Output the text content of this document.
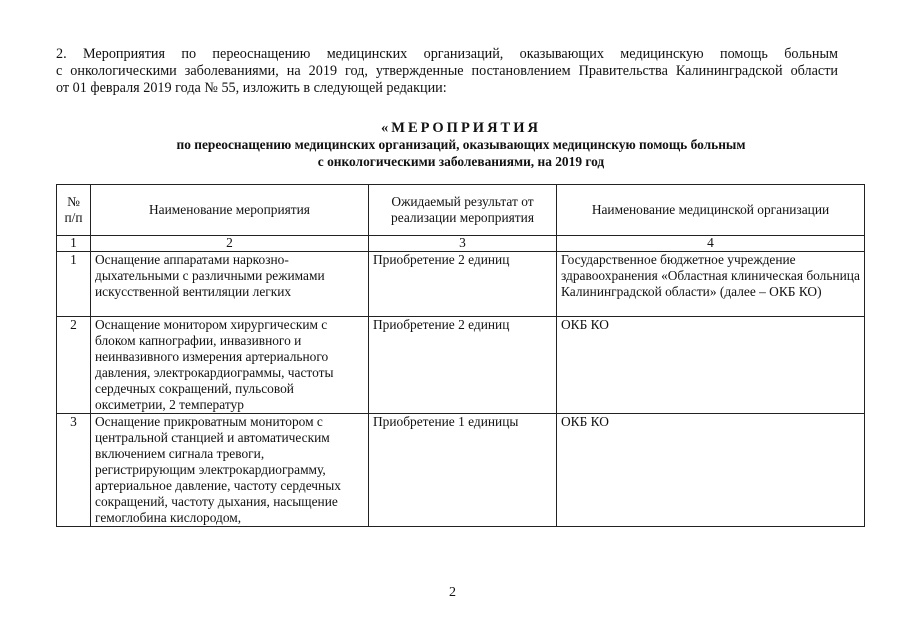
2. Мероприятия по переоснащению медицинских организаций, оказывающих медицинскую помощь больным
с онкологическими заболеваниями, на 2019 год, утвержденные постановлением Правительства Калининградской области
от 01 февраля 2019 года № 55, изложить в следующей редакции:
«МЕРОПРИЯТИЯ
по переоснащению медицинских организаций, оказывающих медицинскую помощь больным
с онкологическими заболеваниями, на 2019 год
№ п/п	Наименование мероприятия	Ожидаемый результат от реализации мероприятия	Наименование медицинской организации
1	2	3	4
1	Оснащение аппаратами наркозно-дыхательными с различными режимами искусственной вентиляции легких	Приобретение 2 единиц	Государственное бюджетное учреждение здравоохранения «Областная клиническая больница Калининградской области» (далее – ОКБ КО)
2	Оснащение монитором хирургическим с блоком капнографии, инвазивного и неинвазивного измерения артериального давления, электрокардиограммы, частоты сердечных сокращений, пульсовой оксиметрии, 2 температур	Приобретение 2 единиц	ОКБ КО
3	Оснащение прикроватным монитором с центральной станцией и автоматическим включением сигнала тревоги, регистрирующим электрокардиограмму, артериальное давление, частоту сердечных сокращений, частоту дыхания, насыщение гемоглобина кислородом,	Приобретение 1 единицы	ОКБ КО
2
